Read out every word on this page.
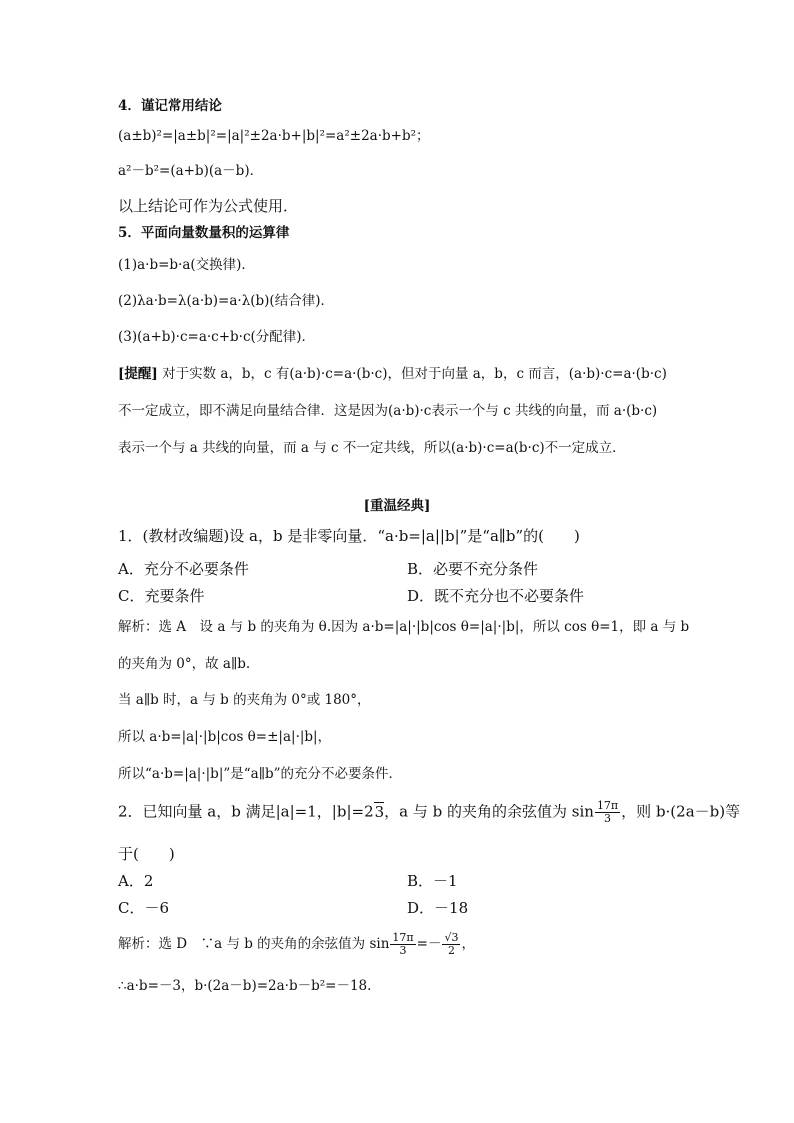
4．谨记常用结论
(a±b)²=|a±b|²=|a|²±2a·b+|b|²=a²±2a·b+b²；
a²－b²=(a+b)(a－b)．
以上结论可作为公式使用．
5．平面向量数量积的运算律
(1)a·b=b·a(交换律)．
(2)λa·b=λ(a·b)=a·λ(b)(结合律)．
(3)(a+b)·c=a·c+b·c(分配律)．
[提醒] 对于实数 a，b，c 有(a·b)·c=a·(b·c)，但对于向量 a，b，c 而言，(a·b)·c=a·(b·c)
不一定成立，即不满足向量结合律．这是因为(a·b)·c表示一个与 c 共线的向量，而 a·(b·c)
表示一个与 a 共线的向量，而 a 与 c 不一定共线，所以(a·b)·c=a(b·c)不一定成立．
[重温经典]
1．(教材改编题)设 a，b 是非零向量．“a·b=|a||b|”是“a∥b”的(　　)
A．充分不必要条件	B．必要不充分条件
C．充要条件	D．既不充分也不必要条件
解析：选 A　设 a 与 b 的夹角为 θ.因为 a·b=|a|·|b|cos θ=|a|·|b|，所以 cos θ=1，即 a 与 b
的夹角为 0°，故 a∥b.
当 a∥b 时，a 与 b 的夹角为 0°或 180°，
所以 a·b=|a|·|b|cos θ=±|a|·|b|，
所以“a·b=|a|·|b|”是“a∥b”的充分不必要条件．
2．已知向量 a，b 满足|a|=1，|b|=23，a 与 b 的夹角的余弦值为 $\sin \frac{17\pi}{3}$ ，则 b·(2a－b)等
于(　　)
A．2	B．－1
C．－6	D．－18
解析：选 D　∵a 与 b 的夹角的余弦值为 $\sin \frac{17\pi}{3} =- \frac{√3}{2}$ ，
∴a·b=－3，b·(2a－b)=2a·b－b²=－18.
